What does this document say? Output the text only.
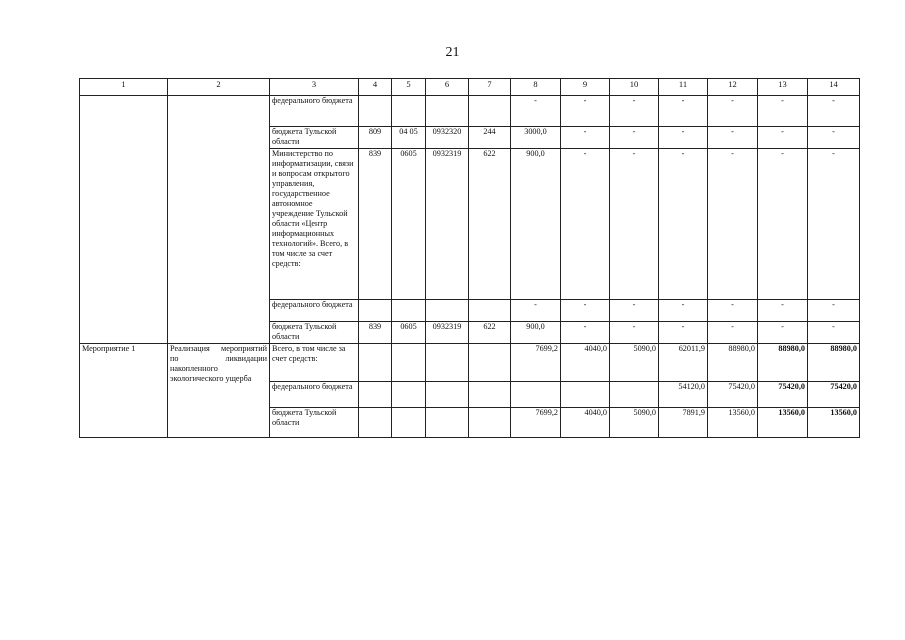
21
1	2	3	4	5	6	7	8	9	10	11	12	13	14
		федерального бюджета					-	-	-	-	-	-	-
		бюджета Тульской области	809	04 05	0932320	244	3000,0	-	-	-	-	-	-
		Министерство по информатизации, связи и вопросам открытого управления, государственное автономное учреждение Тульской области «Центр информационных технологий». Всего, в том числе за счет средств:	839	0605	0932319	622	900,0	-	-	-	-	-	-
		федерального бюджета					-	-	-	-	-	-	-
		бюджета Тульской области	839	0605	0932319	622	900,0	-	-	-	-	-	-
Мероприятие 1	Реализация мероприятий по ликвидации накопленного экологического ущерба	Всего, в том числе за счет средств:					7699,2	4040,0	5090,0	62011,9	88980,0	88980,0	88980,0
		федерального бюджета								54120,0	75420,0	75420,0	75420,0
		бюджета Тульской области					7699,2	4040,0	5090,0	7891,9	13560,0	13560,0	13560,0
